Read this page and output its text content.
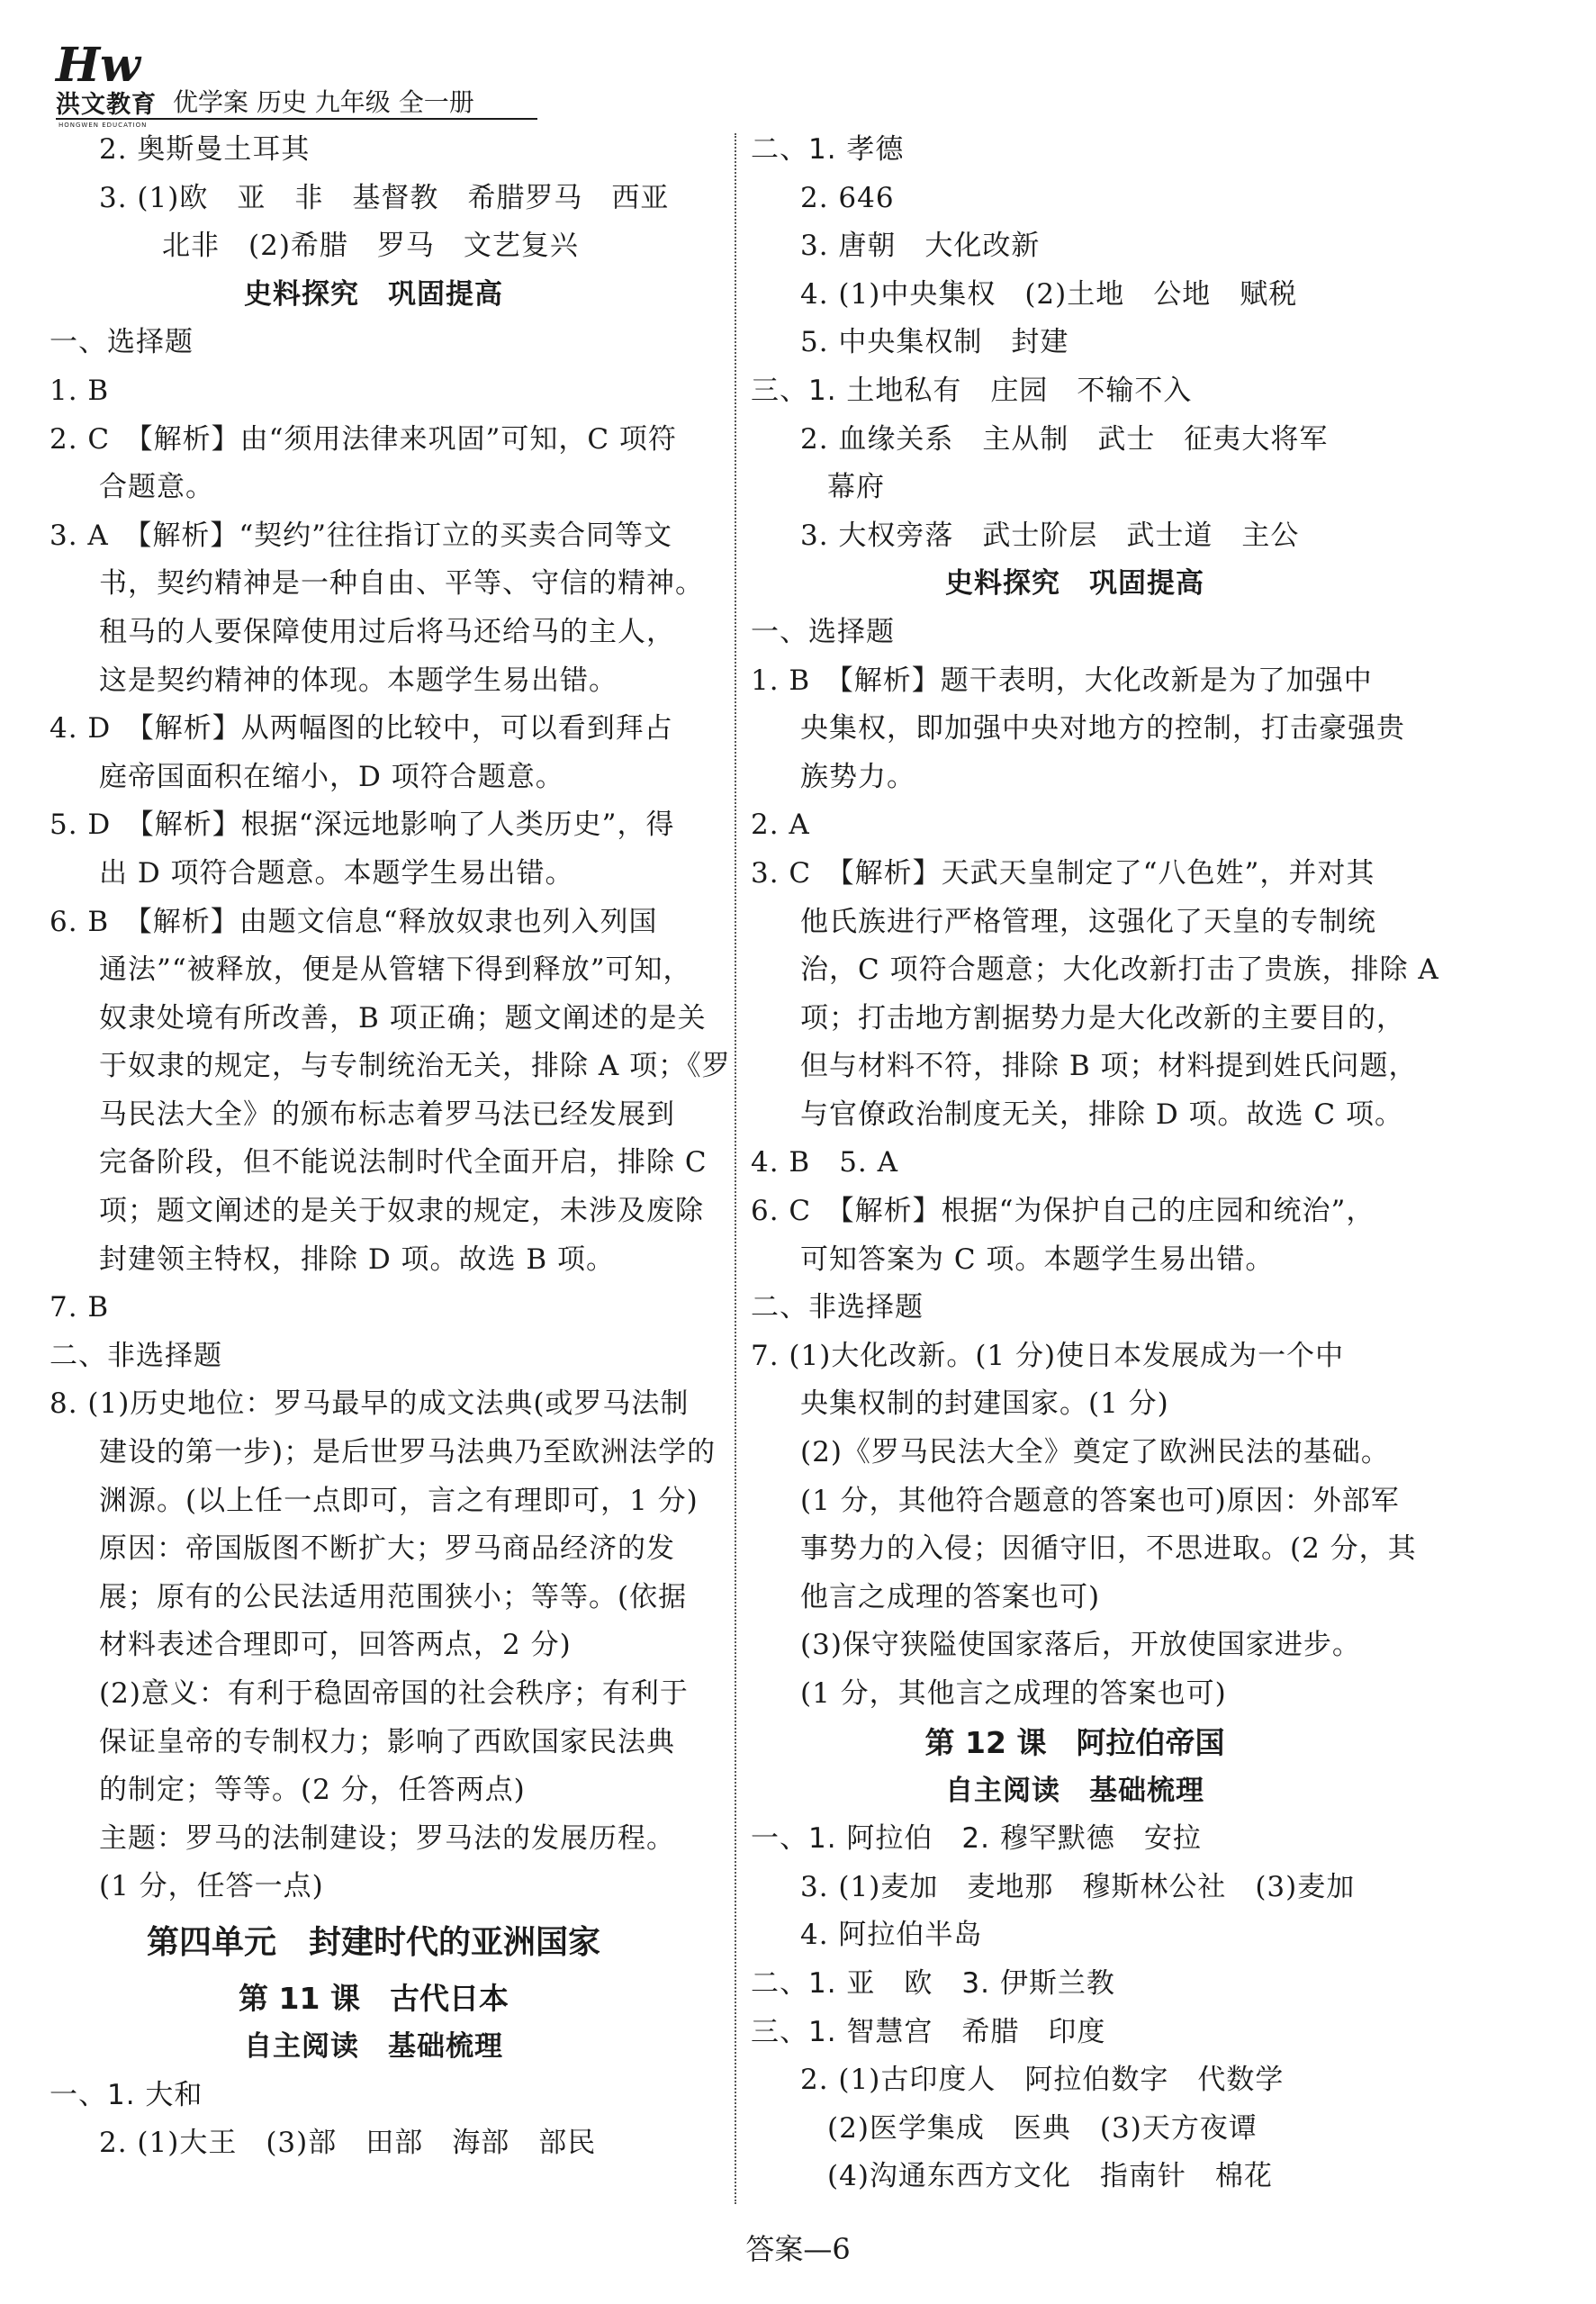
Hw
洪文教育
HONGWEN EDUCATION
优学案 历史 九年级 全一册
2. 奥斯曼土耳其
3. (1)欧　亚　非　基督教　希腊罗马　西亚
北非　(2)希腊　罗马　文艺复兴
史料探究　巩固提高
一、选择题
1. B
2. C　【解析】由“须用法律来巩固”可知，C 项符
合题意。
3. A　【解析】“契约”往往指订立的买卖合同等文
书，契约精神是一种自由、平等、守信的精神。
租马的人要保障使用过后将马还给马的主人，
这是契约精神的体现。本题学生易出错。
4. D　【解析】从两幅图的比较中，可以看到拜占
庭帝国面积在缩小，D 项符合题意。
5. D　【解析】根据“深远地影响了人类历史”，得
出 D 项符合题意。本题学生易出错。
6. B　【解析】由题文信息“释放奴隶也列入列国
通法”“被释放，便是从管辖下得到释放”可知，
奴隶处境有所改善，B 项正确；题文阐述的是关
于奴隶的规定，与专制统治无关，排除 A 项；《罗
马民法大全》的颁布标志着罗马法已经发展到
完备阶段，但不能说法制时代全面开启，排除 C
项；题文阐述的是关于奴隶的规定，未涉及废除
封建领主特权，排除 D 项。故选 B 项。
7. B
二、非选择题
8. (1)历史地位：罗马最早的成文法典(或罗马法制
建设的第一步)；是后世罗马法典乃至欧洲法学的
渊源。(以上任一点即可，言之有理即可，1 分)
原因：帝国版图不断扩大；罗马商品经济的发
展；原有的公民法适用范围狭小；等等。(依据
材料表述合理即可，回答两点，2 分)
(2)意义：有利于稳固帝国的社会秩序；有利于
保证皇帝的专制权力；影响了西欧国家民法典
的制定；等等。(2 分，任答两点)
主题：罗马的法制建设；罗马法的发展历程。
(1 分，任答一点)
第四单元　封建时代的亚洲国家
第 11 课　古代日本
自主阅读　基础梳理
一、1. 大和
2. (1)大王　(3)部　田部　海部　部民
二、1. 孝德
2. 646
3. 唐朝　大化改新
4. (1)中央集权　(2)土地　公地　赋税
5. 中央集权制　封建
三、1. 土地私有　庄园　不输不入
2. 血缘关系　主从制　武士　征夷大将军
幕府
3. 大权旁落　武士阶层　武士道　主公
史料探究　巩固提高
一、选择题
1. B　【解析】题干表明，大化改新是为了加强中
央集权，即加强中央对地方的控制，打击豪强贵
族势力。
2. A
3. C　【解析】天武天皇制定了“八色姓”，并对其
他氏族进行严格管理，这强化了天皇的专制统
治，C 项符合题意；大化改新打击了贵族，排除 A
项；打击地方割据势力是大化改新的主要目的，
但与材料不符，排除 B 项；材料提到姓氏问题，
与官僚政治制度无关，排除 D 项。故选 C 项。
4. B　5. A
6. C　【解析】根据“为保护自己的庄园和统治”，
可知答案为 C 项。本题学生易出错。
二、非选择题
7. (1)大化改新。(1 分)使日本发展成为一个中
央集权制的封建国家。(1 分)
(2)《罗马民法大全》奠定了欧洲民法的基础。
(1 分，其他符合题意的答案也可)原因：外部军
事势力的入侵；因循守旧，不思进取。(2 分，其
他言之成理的答案也可)
(3)保守狭隘使国家落后，开放使国家进步。
(1 分，其他言之成理的答案也可)
第 12 课　阿拉伯帝国
自主阅读　基础梳理
一、1. 阿拉伯　2. 穆罕默德　安拉
3. (1)麦加　麦地那　穆斯林公社　(3)麦加
4. 阿拉伯半岛
二、1. 亚　欧　3. 伊斯兰教
三、1. 智慧宫　希腊　印度
2. (1)古印度人　阿拉伯数字　代数学
(2)医学集成　医典　(3)天方夜谭
(4)沟通东西方文化　指南针　棉花
答案—6
